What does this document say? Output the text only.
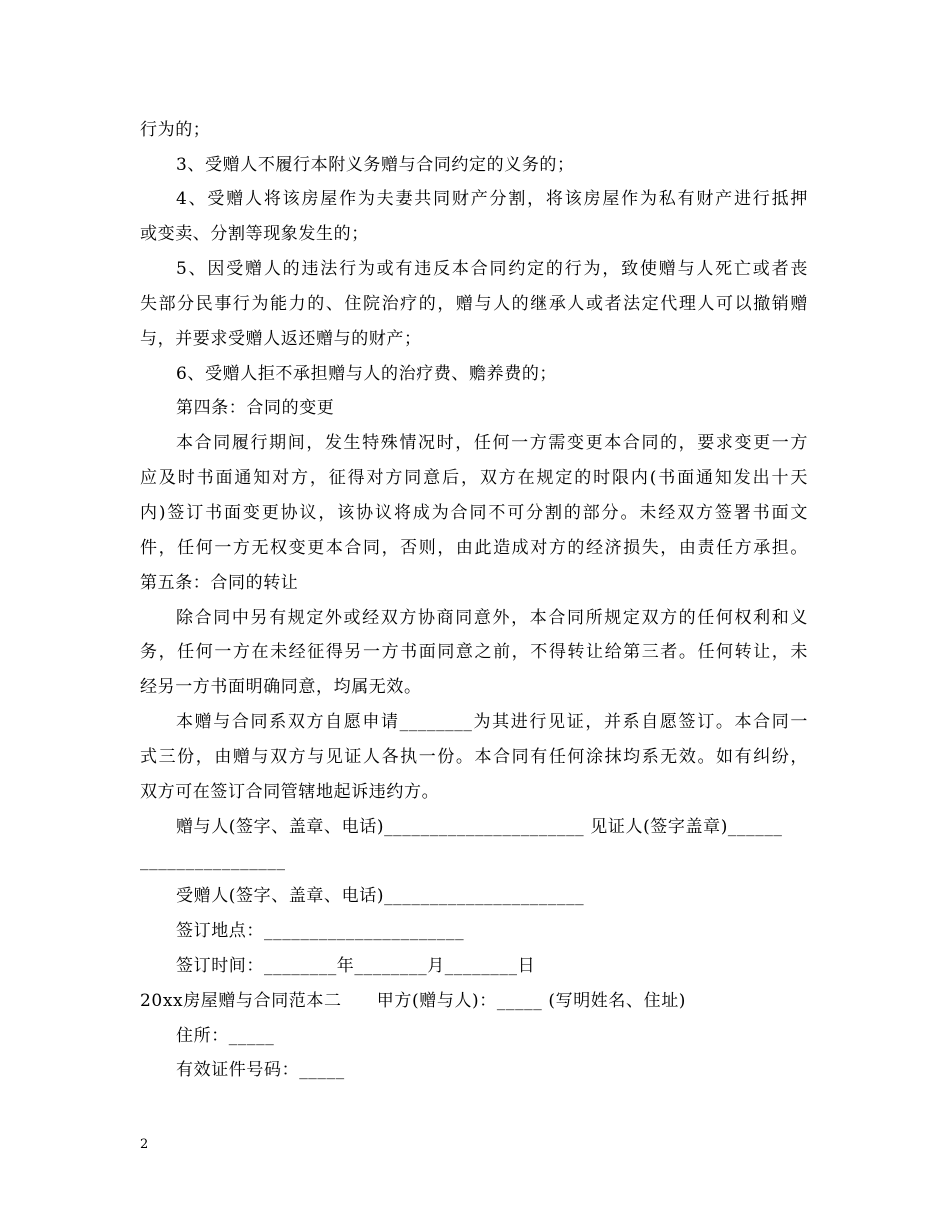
行为的；
3、受赠人不履行本附义务赠与合同约定的义务的；
4、受赠人将该房屋作为夫妻共同财产分割，将该房屋作为私有财产进行抵押
或变卖、分割等现象发生的；
5、因受赠人的违法行为或有违反本合同约定的行为，致使赠与人死亡或者丧
失部分民事行为能力的、住院治疗的，赠与人的继承人或者法定代理人可以撤销赠
与，并要求受赠人返还赠与的财产；
6、受赠人拒不承担赠与人的治疗费、赡养费的；
第四条：合同的变更
本合同履行期间，发生特殊情况时，任何一方需变更本合同的，要求变更一方
应及时书面通知对方，征得对方同意后，双方在规定的时限内(书面通知发出十天
内)签订书面变更协议，该协议将成为合同不可分割的部分。未经双方签署书面文
件，任何一方无权变更本合同，否则，由此造成对方的经济损失，由责任方承担。
第五条：合同的转让
除合同中另有规定外或经双方协商同意外，本合同所规定双方的任何权利和义
务，任何一方在未经征得另一方书面同意之前，不得转让给第三者。任何转让，未
经另一方书面明确同意，均属无效。
本赠与合同系双方自愿申请________为其进行见证，并系自愿签订。本合同一
式三份，由赠与双方与见证人各执一份。本合同有任何涂抹均系无效。如有纠纷，
双方可在签订合同管辖地起诉违约方。
赠与人(签字、盖章、电话)______________________ 见证人(签字盖章)______
________________
受赠人(签字、盖章、电话)______________________
签订地点：______________________
签订时间：________年________月________日
20xx房屋赠与合同范本二　　甲方(赠与人)：_____ (写明姓名、住址)
住所：_____
有效证件号码：_____
2
